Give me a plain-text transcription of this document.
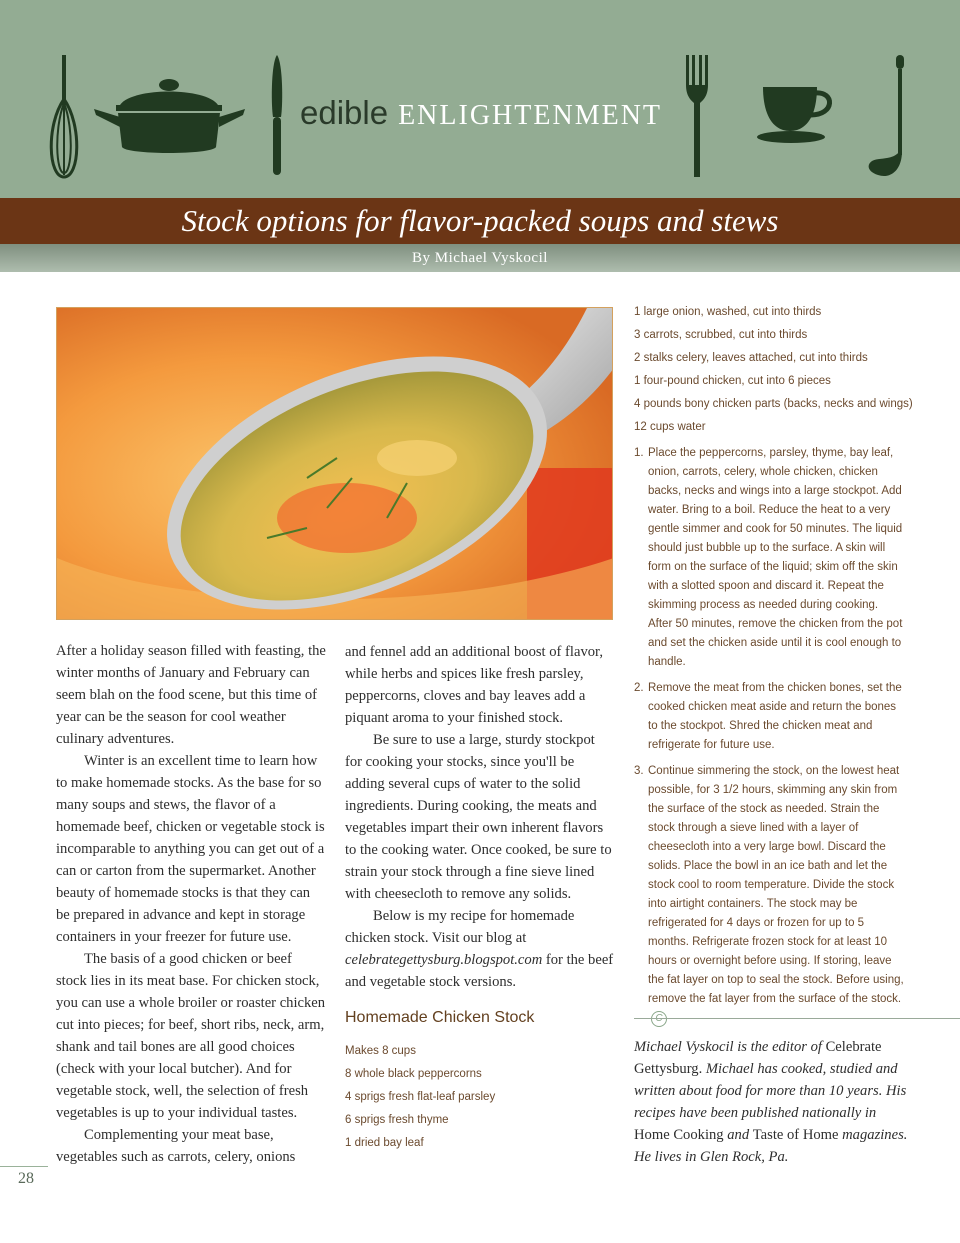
edible ENLIGHTENMENT
Stock options for flavor-packed soups and stews
By Michael Vyskocil

After a holiday season filled with feasting, the winter months of January and February can seem blah on the food scene, but this time of year can be the season for cool weather culinary adventures.

Winter is an excellent time to learn how to make homemade stocks. As the base for so many soups and stews, the flavor of a homemade beef, chicken or vegetable stock is incomparable to anything you can get out of a can or carton from the supermarket. Another beauty of homemade stocks is that they can be prepared in advance and kept in storage containers in your freezer for future use.

The basis of a good chicken or beef stock lies in its meat base. For chicken stock, you can use a whole broiler or roaster chicken cut into pieces; for beef, short ribs, neck, arm, shank and tail bones are all good choices (check with your local butcher). And for vegetable stock, well, the selection of fresh vegetables is up to your individual tastes.

Complementing your meat base, vegetables such as carrots, celery, onions

and fennel add an additional boost of flavor, while herbs and spices like fresh parsley, peppercorns, cloves and bay leaves add a piquant aroma to your finished stock.

Be sure to use a large, sturdy stockpot for cooking your stocks, since you'll be adding several cups of water to the solid ingredients. During cooking, the meats and vegetables impart their own inherent flavors to the cooking water. Once cooked, be sure to strain your stock through a fine sieve lined with cheesecloth to remove any solids.

Below is my recipe for homemade chicken stock. Visit our blog at celebrategettysburg.blogspot.com for the beef and vegetable stock versions.

Homemade Chicken Stock
Makes 8 cups
8 whole black peppercorns
4 sprigs fresh flat-leaf parsley
6 sprigs fresh thyme
1 dried bay leaf
1 large onion, washed, cut into thirds
3 carrots, scrubbed, cut into thirds
2 stalks celery, leaves attached, cut into thirds
1 four-pound chicken, cut into 6 pieces
4 pounds bony chicken parts (backs, necks and wings)
12 cups water
1. Place the peppercorns, parsley, thyme, bay leaf, onion, carrots, celery, whole chicken, chicken backs, necks and wings into a large stockpot. Add water. Bring to a boil. Reduce the heat to a very gentle simmer and cook for 50 minutes. The liquid should just bubble up to the surface. A skin will form on the surface of the liquid; skim off the skin with a slotted spoon and discard it. Repeat the skimming process as needed during cooking. After 50 minutes, remove the chicken from the pot and set the chicken aside until it is cool enough to handle.
2. Remove the meat from the chicken bones, set the cooked chicken meat aside and return the bones to the stockpot. Shred the chicken meat and refrigerate for future use.
3. Continue simmering the stock, on the lowest heat possible, for 3 1/2 hours, skimming any skin from the surface of the stock as needed. Strain the stock through a sieve lined with a layer of cheesecloth into a very large bowl. Discard the solids. Place the bowl in an ice bath and let the stock cool to room temperature. Divide the stock into airtight containers. The stock may be refrigerated for 4 days or frozen for up to 5 months. Refrigerate frozen stock for at least 10 hours or overnight before using. If storing, leave the fat layer on top to seal the stock. Before using, remove the fat layer from the surface of the stock.
Michael Vyskocil is the editor of Celebrate Gettysburg. Michael has cooked, studied and written about food for more than 10 years. His recipes have been published nationally in Home Cooking and Taste of Home magazines. He lives in Glen Rock, Pa.
28
